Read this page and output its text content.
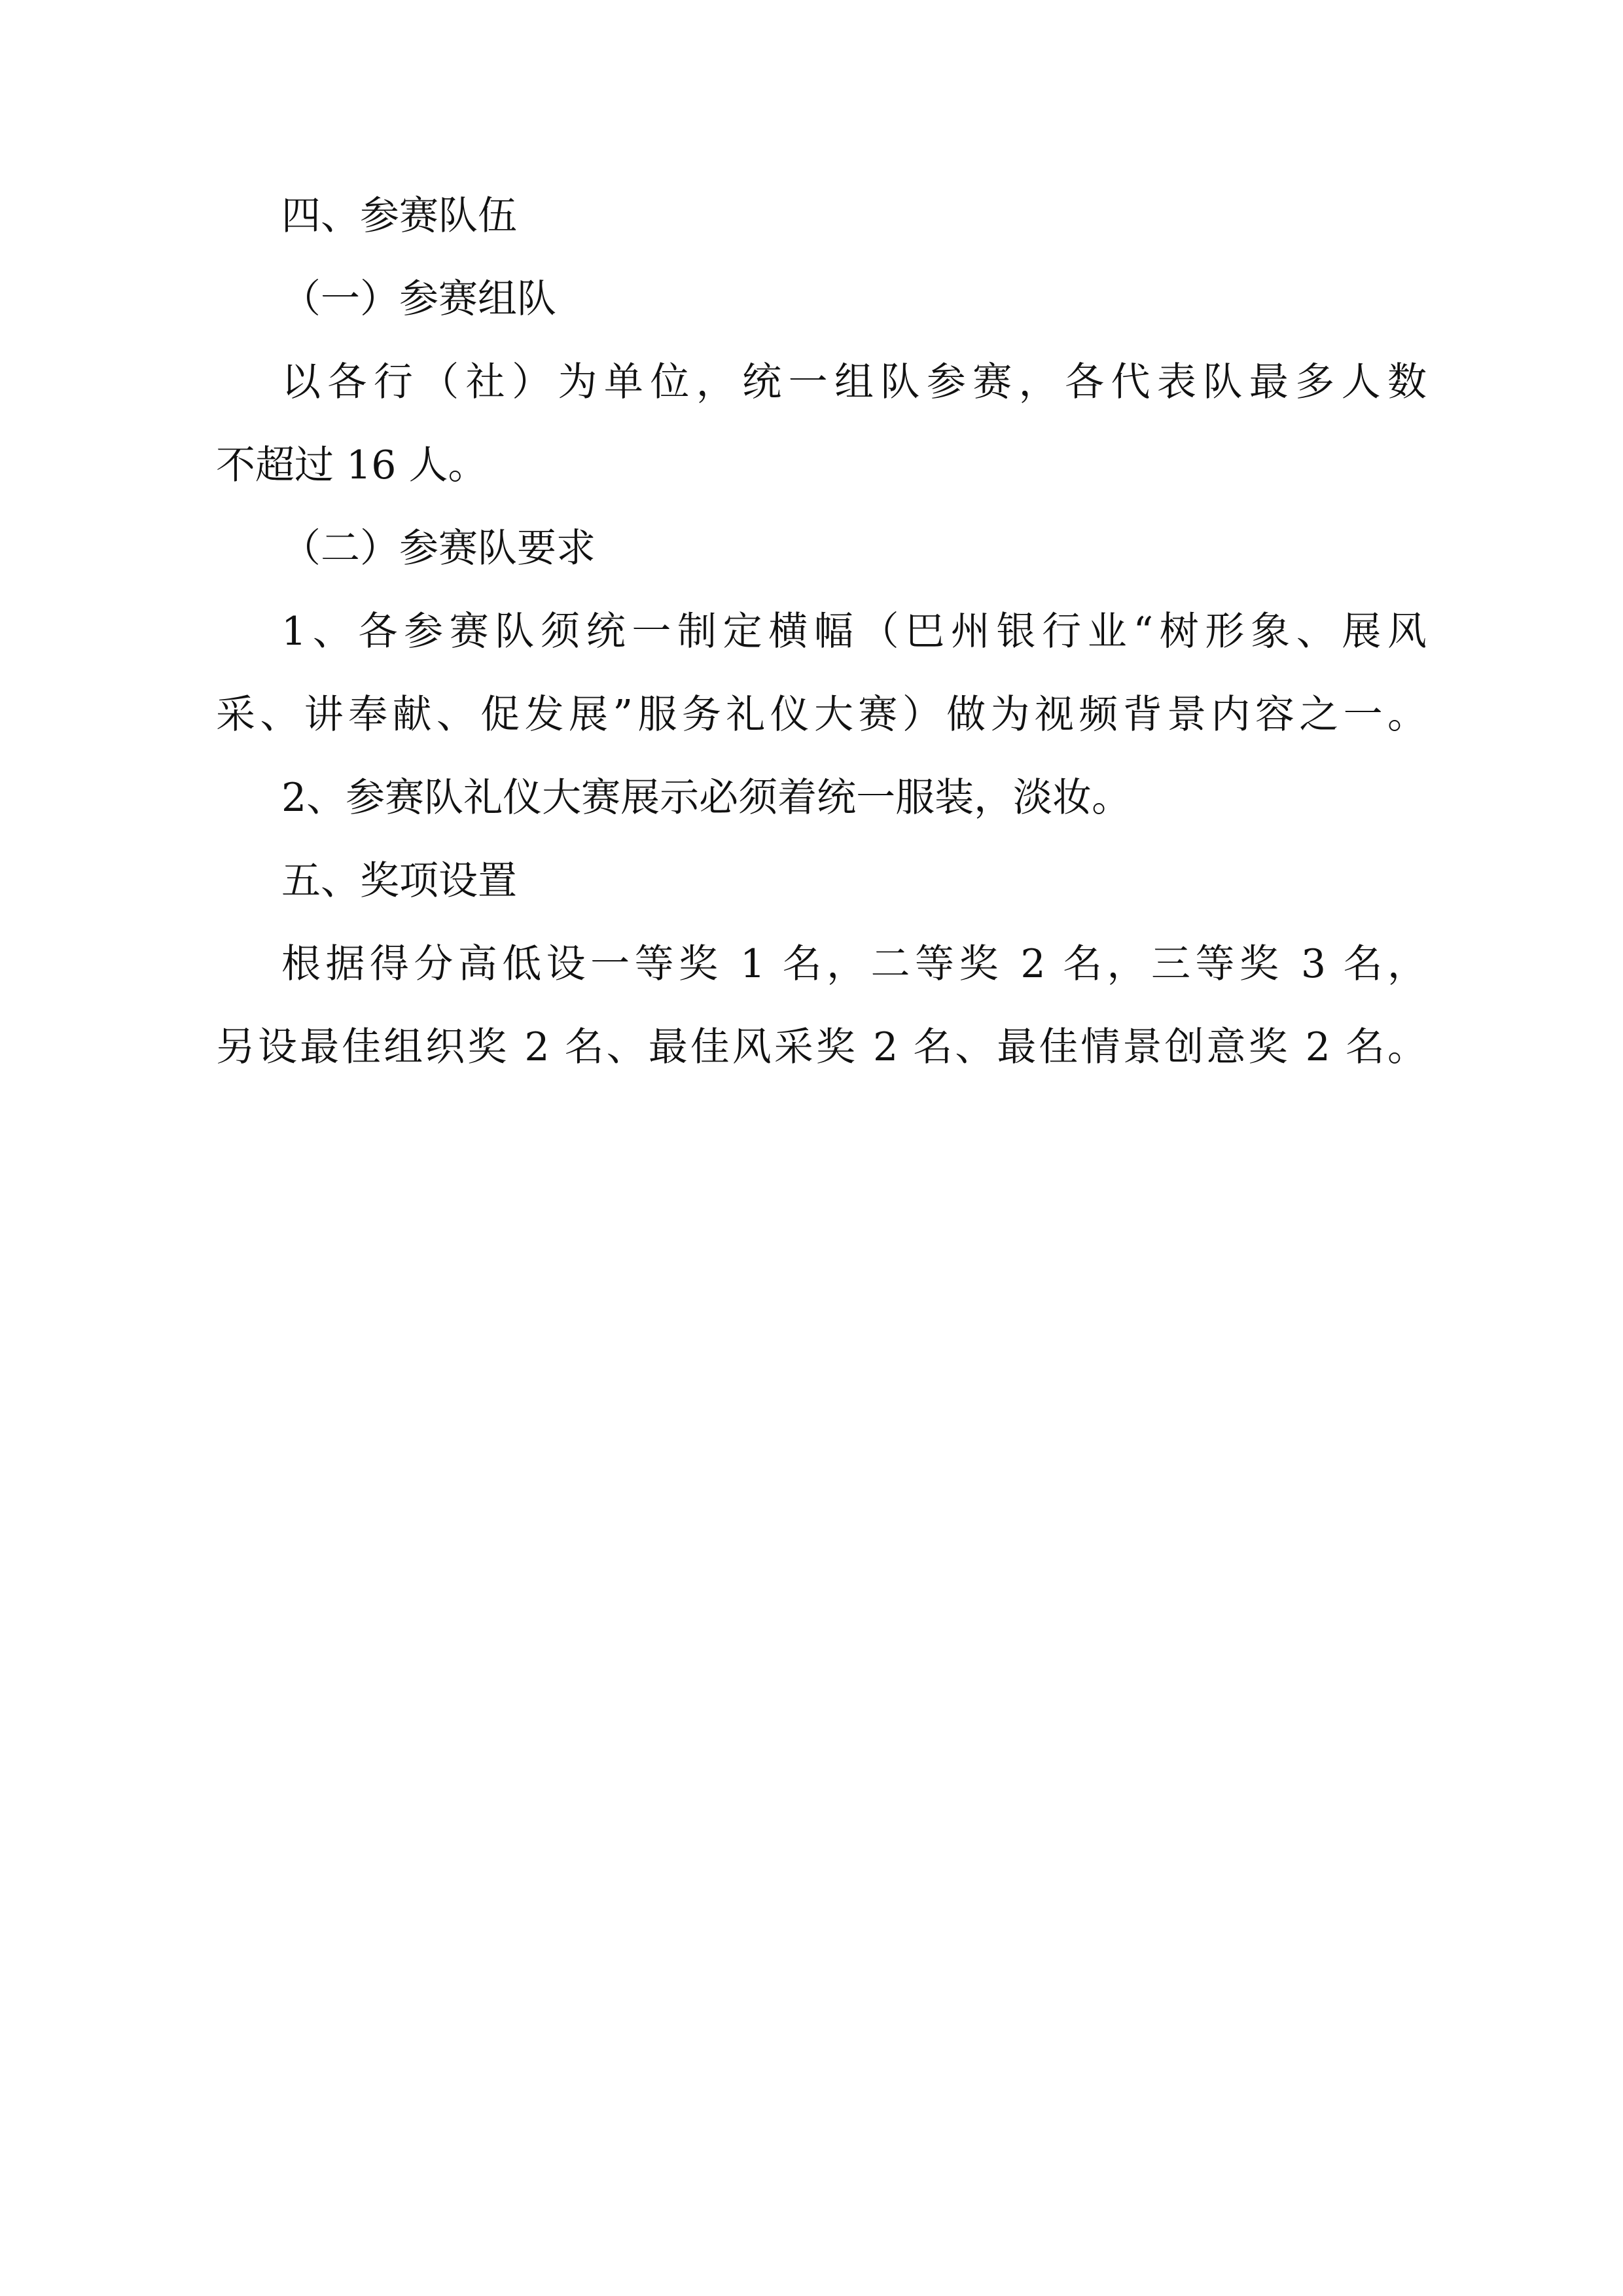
四、参赛队伍
（一）参赛组队
以各行（社）为单位，统一组队参赛，各代表队最多人数
不超过 16 人。
（二）参赛队要求
1、各参赛队须统一制定横幅（巴州银行业“树形象、展风
采、讲奉献、促发展”服务礼仪大赛）做为视频背景内容之一。
2、参赛队礼仪大赛展示必须着统一服装，淡妆。
五、奖项设置
根据得分高低设一等奖 1 名，二等奖 2 名，三等奖 3 名，
另设最佳组织奖 2 名、最佳风采奖 2 名、最佳情景创意奖 2 名。
